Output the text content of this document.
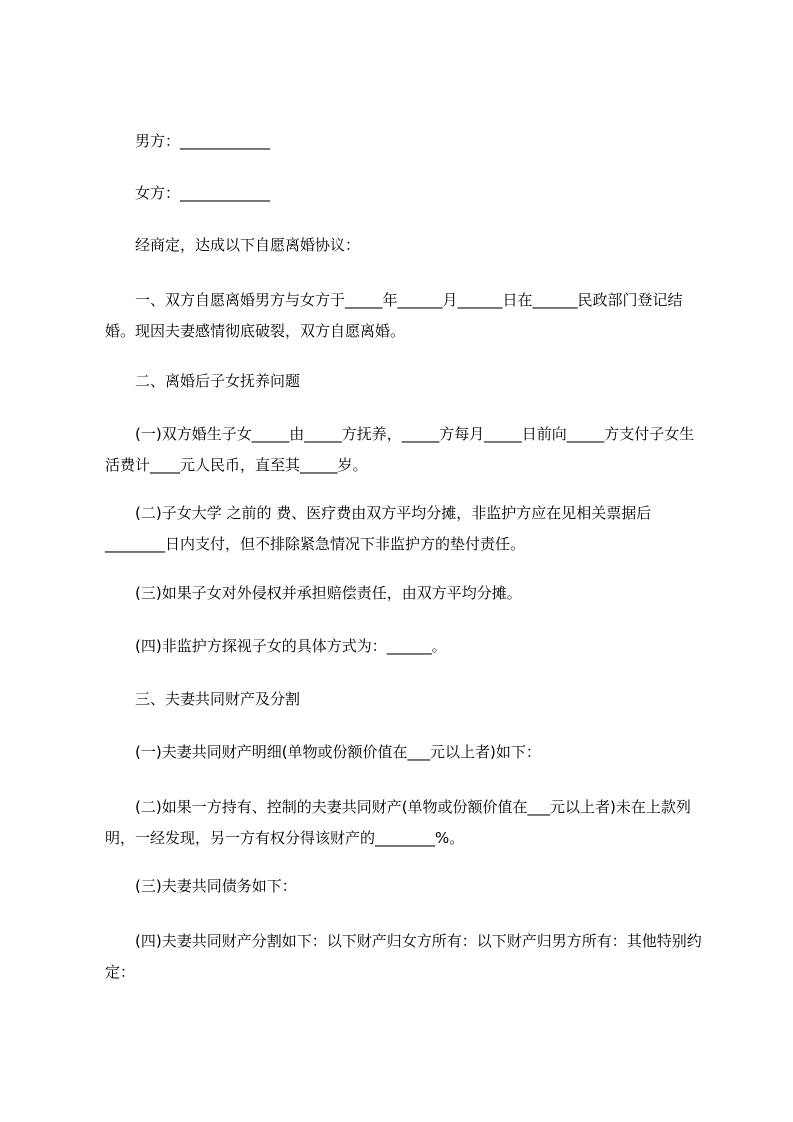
男方：____________

女方：____________

经商定，达成以下自愿离婚协议：

一、双方自愿离婚男方与女方于_____年______月______日在______民政部门登记结婚。现因夫妻感情彻底破裂，双方自愿离婚。

二、离婚后子女抚养问题

(一)双方婚生子女_____由_____方抚养，_____方每月_____日前向_____方支付子女生活费计____元人民币，直至其_____岁。

(二)子女大学 之前的 费、医疗费由双方平均分摊，非监护方应在见相关票据后________日内支付，但不排除紧急情况下非监护方的垫付责任。

(三)如果子女对外侵权并承担赔偿责任，由双方平均分摊。

(四)非监护方探视子女的具体方式为：______。

三、夫妻共同财产及分割

(一)夫妻共同财产明细(单物或份额价值在___元以上者)如下：

(二)如果一方持有、控制的夫妻共同财产(单物或份额价值在___元以上者)未在上款列明，一经发现，另一方有权分得该财产的________%。

(三)夫妻共同债务如下：

(四)夫妻共同财产分割如下：以下财产归女方所有：以下财产归男方所有：其他特别约定：
